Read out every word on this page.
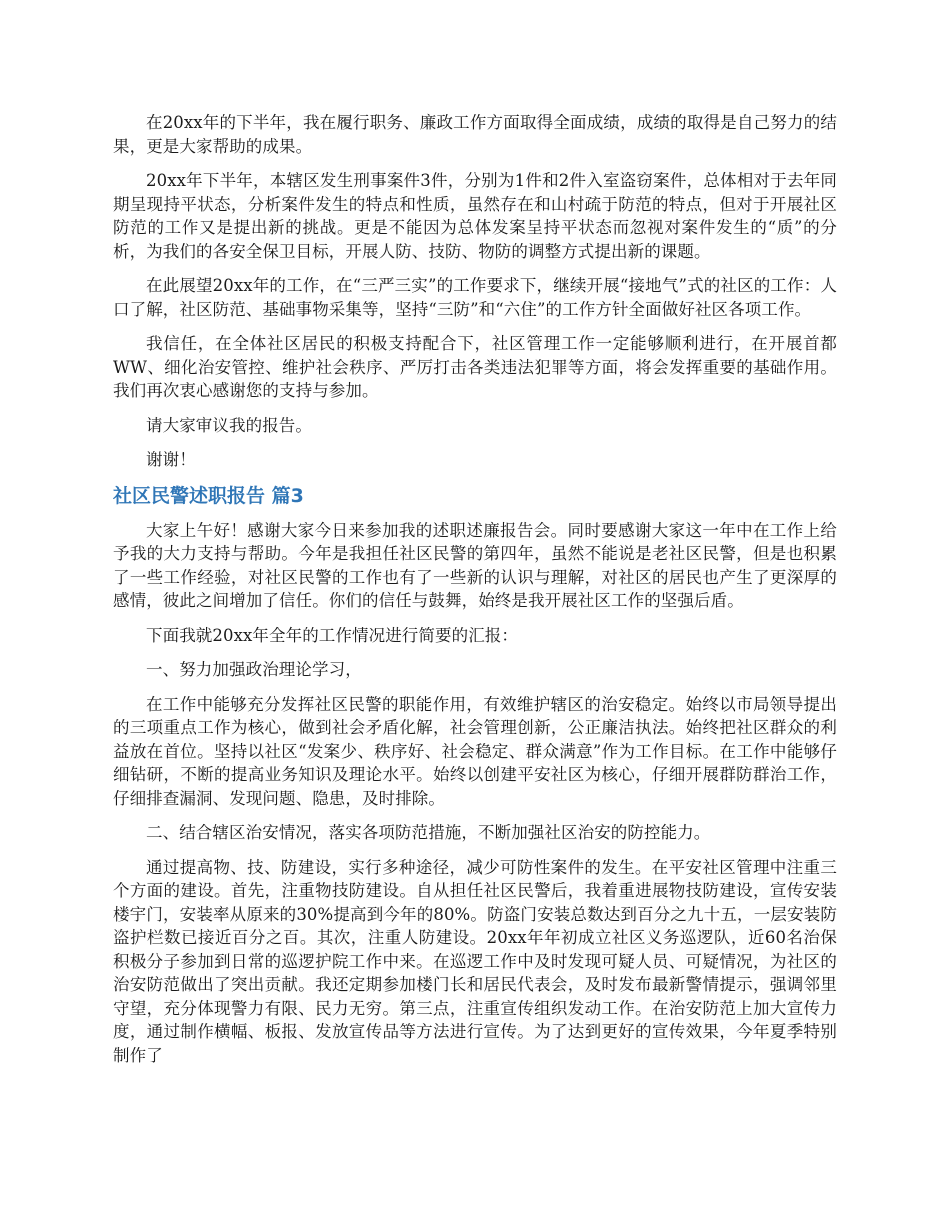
在20xx年的下半年，我在履行职务、廉政工作方面取得全面成绩，成绩的取得是自己努力的结果，更是大家帮助的成果。

20xx年下半年，本辖区发生刑事案件3件，分别为1件和2件入室盗窃案件，总体相对于去年同期呈现持平状态，分析案件发生的特点和性质，虽然存在和山村疏于防范的特点，但对于开展社区防范的工作又是提出新的挑战。更是不能因为总体发案呈持平状态而忽视对案件发生的“质”的分析，为我们的各安全保卫目标，开展人防、技防、物防的调整方式提出新的课题。

在此展望20xx年的工作，在“三严三实”的工作要求下，继续开展“接地气”式的社区的工作：人口了解，社区防范、基础事物采集等，坚持“三防”和“六住”的工作方针全面做好社区各项工作。

我信任，在全体社区居民的积极支持配合下，社区管理工作一定能够顺利进行，在开展首都WW、细化治安管控、维护社会秩序、严厉打击各类违法犯罪等方面，将会发挥重要的基础作用。我们再次衷心感谢您的支持与参加。

请大家审议我的报告。

谢谢！

社区民警述职报告 篇3

大家上午好！感谢大家今日来参加我的述职述廉报告会。同时要感谢大家这一年中在工作上给予我的大力支持与帮助。今年是我担任社区民警的第四年，虽然不能说是老社区民警，但是也积累了一些工作经验，对社区民警的工作也有了一些新的认识与理解，对社区的居民也产生了更深厚的感情，彼此之间增加了信任。你们的信任与鼓舞，始终是我开展社区工作的坚强后盾。

下面我就20xx年全年的工作情况进行简要的汇报：

一、努力加强政治理论学习，

在工作中能够充分发挥社区民警的职能作用，有效维护辖区的治安稳定。始终以市局领导提出的三项重点工作为核心，做到社会矛盾化解，社会管理创新，公正廉洁执法。始终把社区群众的利益放在首位。坚持以社区“发案少、秩序好、社会稳定、群众满意”作为工作目标。在工作中能够仔细钻研，不断的提高业务知识及理论水平。始终以创建平安社区为核心，仔细开展群防群治工作，仔细排查漏洞、发现问题、隐患，及时排除。

二、结合辖区治安情况，落实各项防范措施，不断加强社区治安的防控能力。

通过提高物、技、防建设，实行多种途径，减少可防性案件的发生。在平安社区管理中注重三个方面的建设。首先，注重物技防建设。自从担任社区民警后，我着重进展物技防建设，宣传安装楼宇门，安装率从原来的30%提高到今年的80%。防盗门安装总数达到百分之九十五，一层安装防盗护栏数已接近百分之百。其次，注重人防建设。20xx年年初成立社区义务巡逻队，近60名治保积极分子参加到日常的巡逻护院工作中来。在巡逻工作中及时发现可疑人员、可疑情况，为社区的治安防范做出了突出贡献。我还定期参加楼门长和居民代表会，及时发布最新警情提示，强调邻里守望，充分体现警力有限、民力无穷。第三点，注重宣传组织发动工作。在治安防范上加大宣传力度，通过制作横幅、板报、发放宣传品等方法进行宣传。为了达到更好的宣传效果，今年夏季特别制作了
